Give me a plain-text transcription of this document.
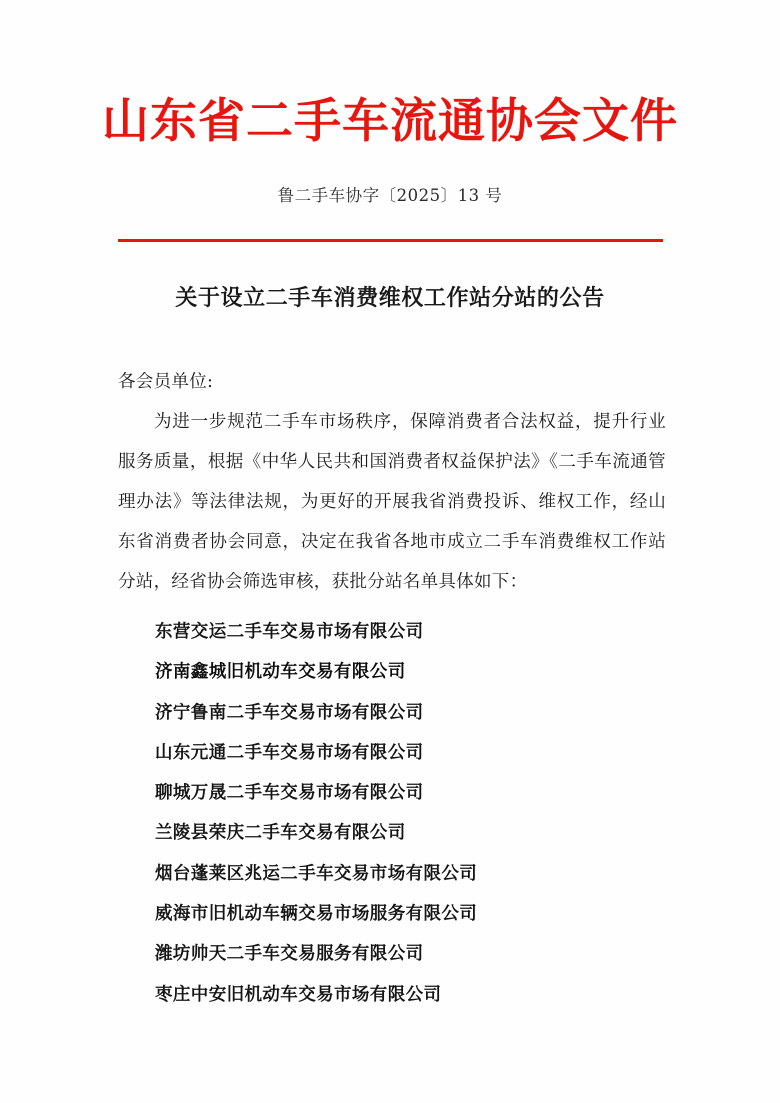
山东省二手车流通协会文件
鲁二手车协字〔2025〕13 号
关于设立二手车消费维权工作站分站的公告
各会员单位:

为进一步规范二手车市场秩序，保障消费者合法权益，提升行业服务质量，根据《中华人民共和国消费者权益保护法》《二手车流通管理办法》等法律法规，为更好的开展我省消费投诉、维权工作，经山东省消费者协会同意，决定在我省各地市成立二手车消费维权工作站分站，经省协会筛选审核，获批分站名单具体如下：

东营交运二手车交易市场有限公司
济南鑫城旧机动车交易有限公司
济宁鲁南二手车交易市场有限公司
山东元通二手车交易市场有限公司
聊城万晟二手车交易市场有限公司
兰陵县荣庆二手车交易有限公司
烟台蓬莱区兆运二手车交易市场有限公司
威海市旧机动车辆交易市场服务有限公司
潍坊帅天二手车交易服务有限公司
枣庄中安旧机动车交易市场有限公司
